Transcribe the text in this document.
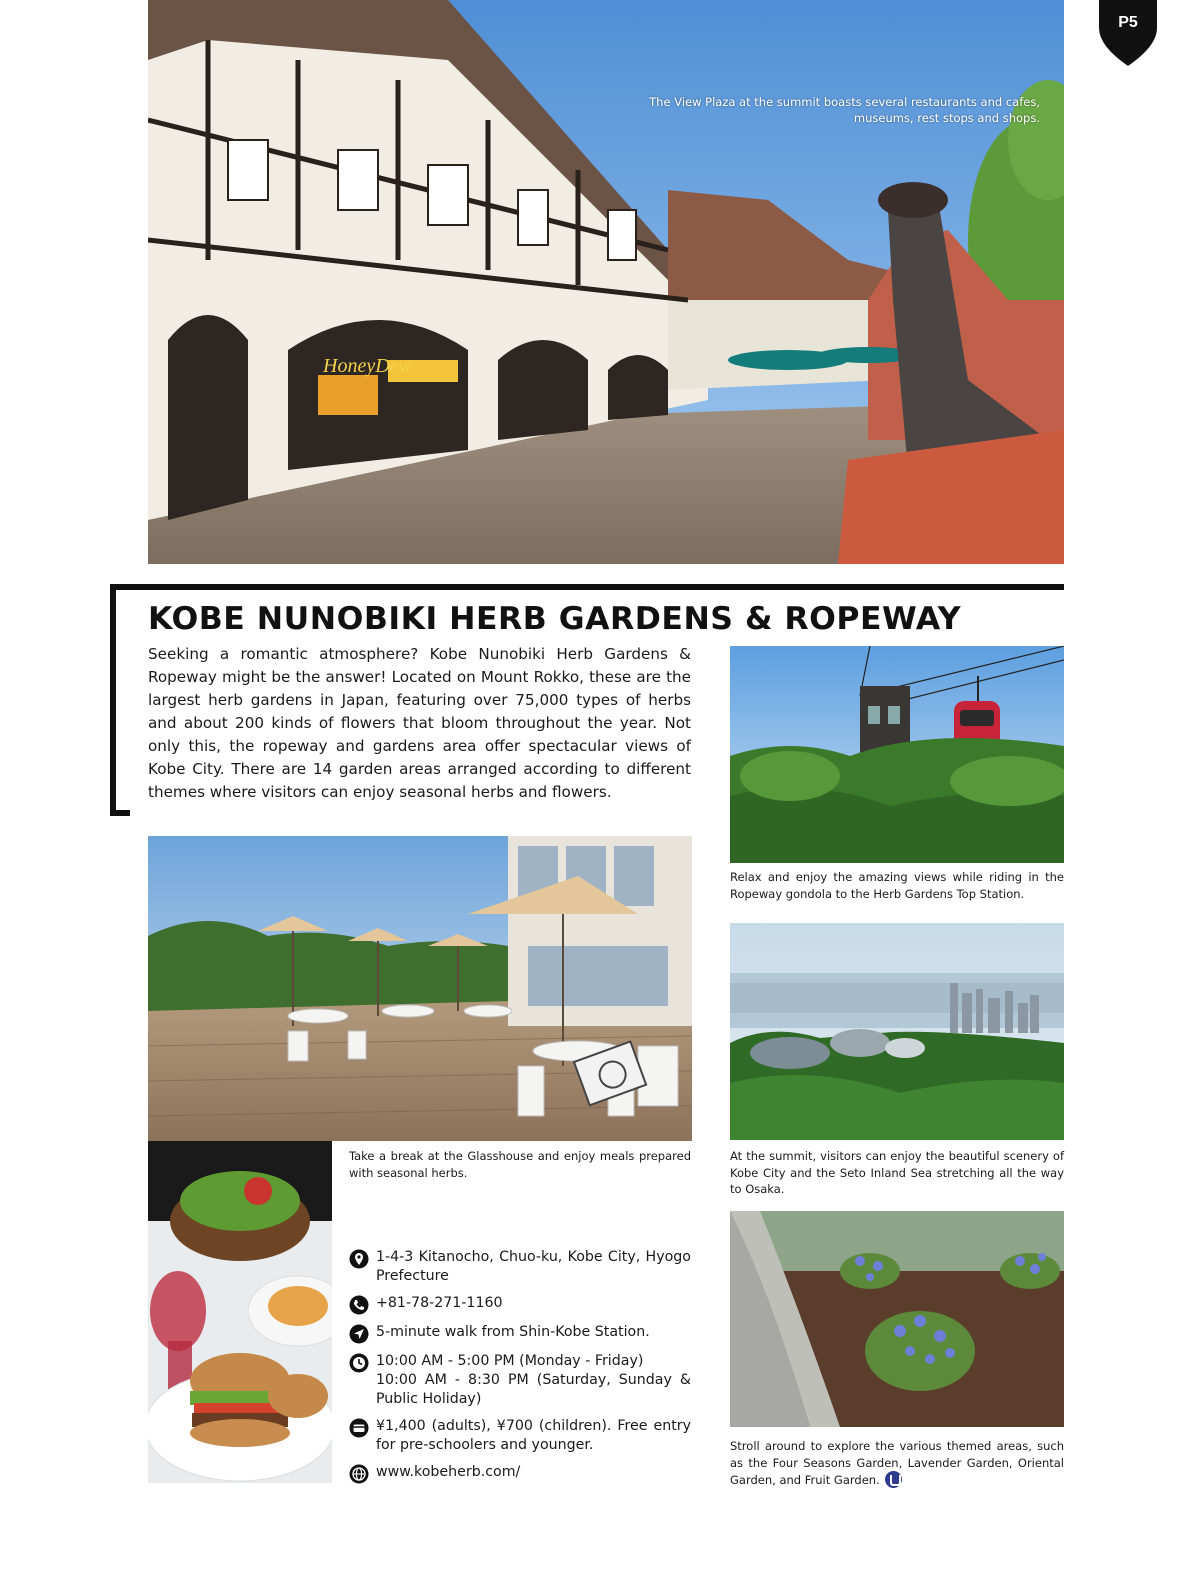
HoneyDew
P5

The View Plaza at the summit boasts several restaurants and cafes, museums, rest stops and shops.

KOBE NUNOBIKI HERB GARDENS & ROPEWAY

Seeking a romantic atmosphere? Kobe Nunobiki Herb Gardens & Ropeway might be the answer! Located on Mount Rokko, these are the largest herb gardens in Japan, featuring over 75,000 types of herbs and about 200 kinds of flowers that bloom throughout the year. Not only this, the ropeway and gardens area offer spectacular views of Kobe City. There are 14 garden areas arranged according to different themes where visitors can enjoy seasonal herbs and flowers.

Relax and enjoy the amazing views while riding in the Ropeway gondola to the Herb Gardens Top Station.

Take a break at the Glasshouse and enjoy meals prepared with seasonal herbs.

1-4-3 Kitanocho, Chuo-ku, Kobe City, Hyogo Prefecture
+81-78-271-1160
5-minute walk from Shin-Kobe Station.
10:00 AM - 5:00 PM (Monday - Friday)
10:00 AM - 8:30 PM (Saturday, Sunday & Public Holiday)
¥1,400 (adults), ¥700 (children). Free entry for pre-schoolers and younger.
www.kobeherb.com/

At the summit, visitors can enjoy the beautiful scenery of Kobe City and the Seto Inland Sea stretching all the way to Osaka.

Stroll around to explore the various themed areas, such as the Four Seasons Garden, Lavender Garden, Oriental Garden, and Fruit Garden.
